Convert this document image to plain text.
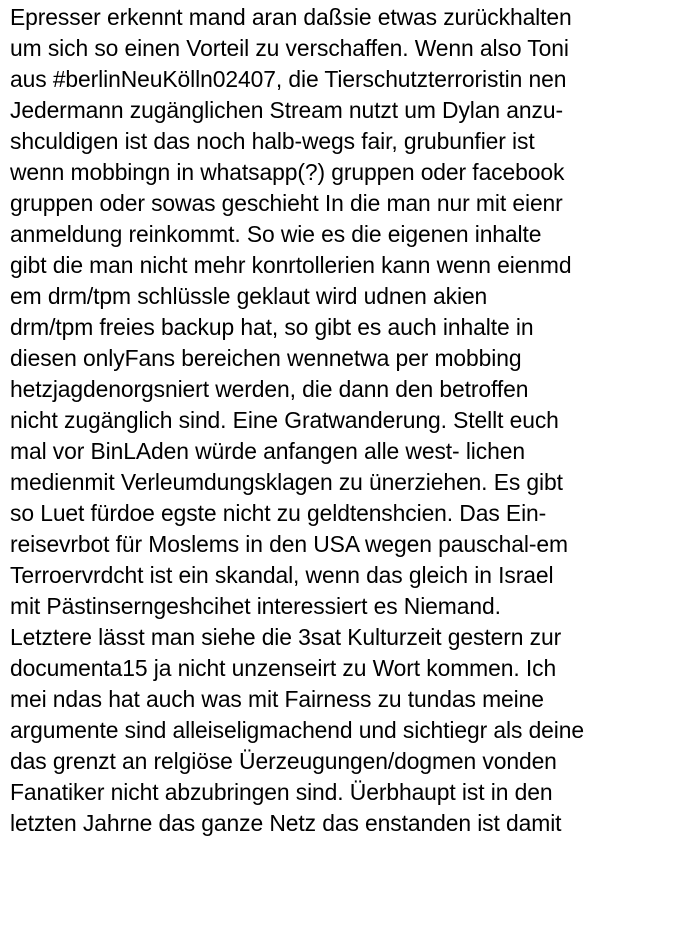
Epresser erkennt mand aran daßsie etwas zurückhalten
um sich so einen Vorteil zu verschaffen. Wenn also Toni
aus #berlinNeuKölln02407, die Tierschutzterroristin nen
Jedermann zugänglichen Stream nutzt um Dylan anzu-
shculdigen ist das noch halb-wegs fair, grubunfier ist
wenn mobbingn in whatsapp(?) gruppen oder facebook
gruppen oder sowas geschieht In die man nur mit eienr
anmeldung reinkommt. So wie es die eigenen inhalte
gibt die man nicht mehr konrtollerien kann wenn eienmd
em drm/tpm schlüssle geklaut wird udnen akien
drm/tpm freies backup hat, so gibt es auch inhalte in
diesen onlyFans bereichen wennetwa per mobbing
hetzjagdenorgsniert werden, die dann den betroffen
nicht zugänglich sind. Eine Gratwanderung. Stellt euch
mal vor BinLAden würde anfangen alle west- lichen
medienmit Verleumdungsklagen zu ünerziehen. Es gibt
so Luet fürdoe egste nicht zu geldtenshcien. Das Ein-
reisevrbot für Moslems in den USA wegen pauschal-em
Terroervrdcht ist ein skandal, wenn das gleich in Israel
mit Pästinserngeshcihet interessiert es Niemand.
Letztere lässt man siehe die 3sat Kulturzeit gestern zur
documenta15 ja nicht unzenseirt zu Wort kommen. Ich
mei ndas hat auch was mit Fairness zu tundas meine
argumente sind alleiseligmachend und sichtiegr als deine
das grenzt an relgiöse Üerzeugungen/dogmen vonden
Fanatiker nicht abzubringen sind. Üerbhaupt ist in den
letzten Jahrne das ganze Netz das enstanden ist damit
